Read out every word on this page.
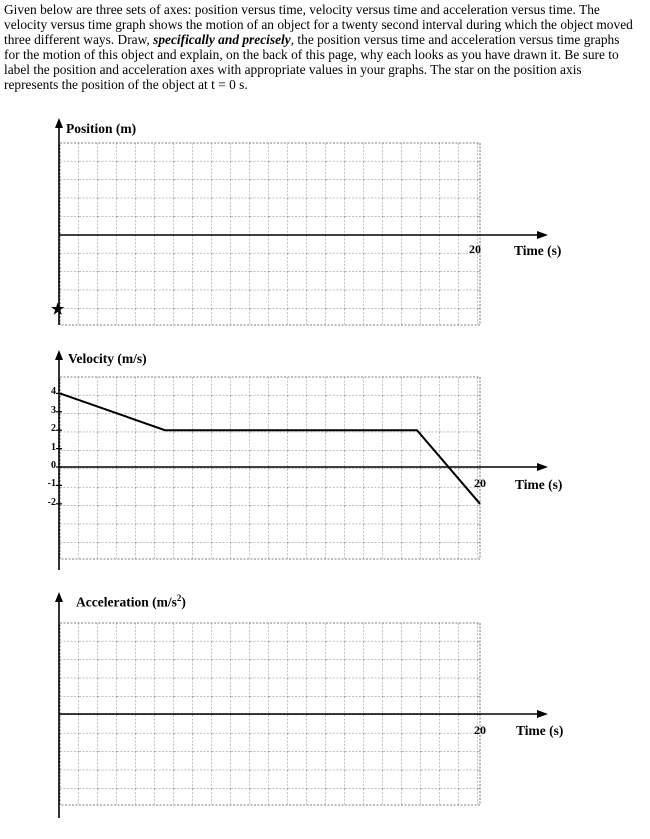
Given below are three sets of axes: position versus time, velocity versus time and acceleration versus time. The velocity versus time graph shows the motion of an object for a twenty second interval during which the object moved three different ways. Draw, specifically and precisely, the position versus time and acceleration versus time graphs for the motion of this object and explain, on the back of this page, why each looks as you have drawn it. Be sure to label the position and acceleration axes with appropriate values in your graphs. The star on the position axis represents the position of the object at t = 0 s.
Position (m)
20 Time (s)
★
Velocity (m/s)
20 Time (s)
4
3
2
1
0
-1
-2
Acceleration $(m/s^2)$
20 Time (s)
